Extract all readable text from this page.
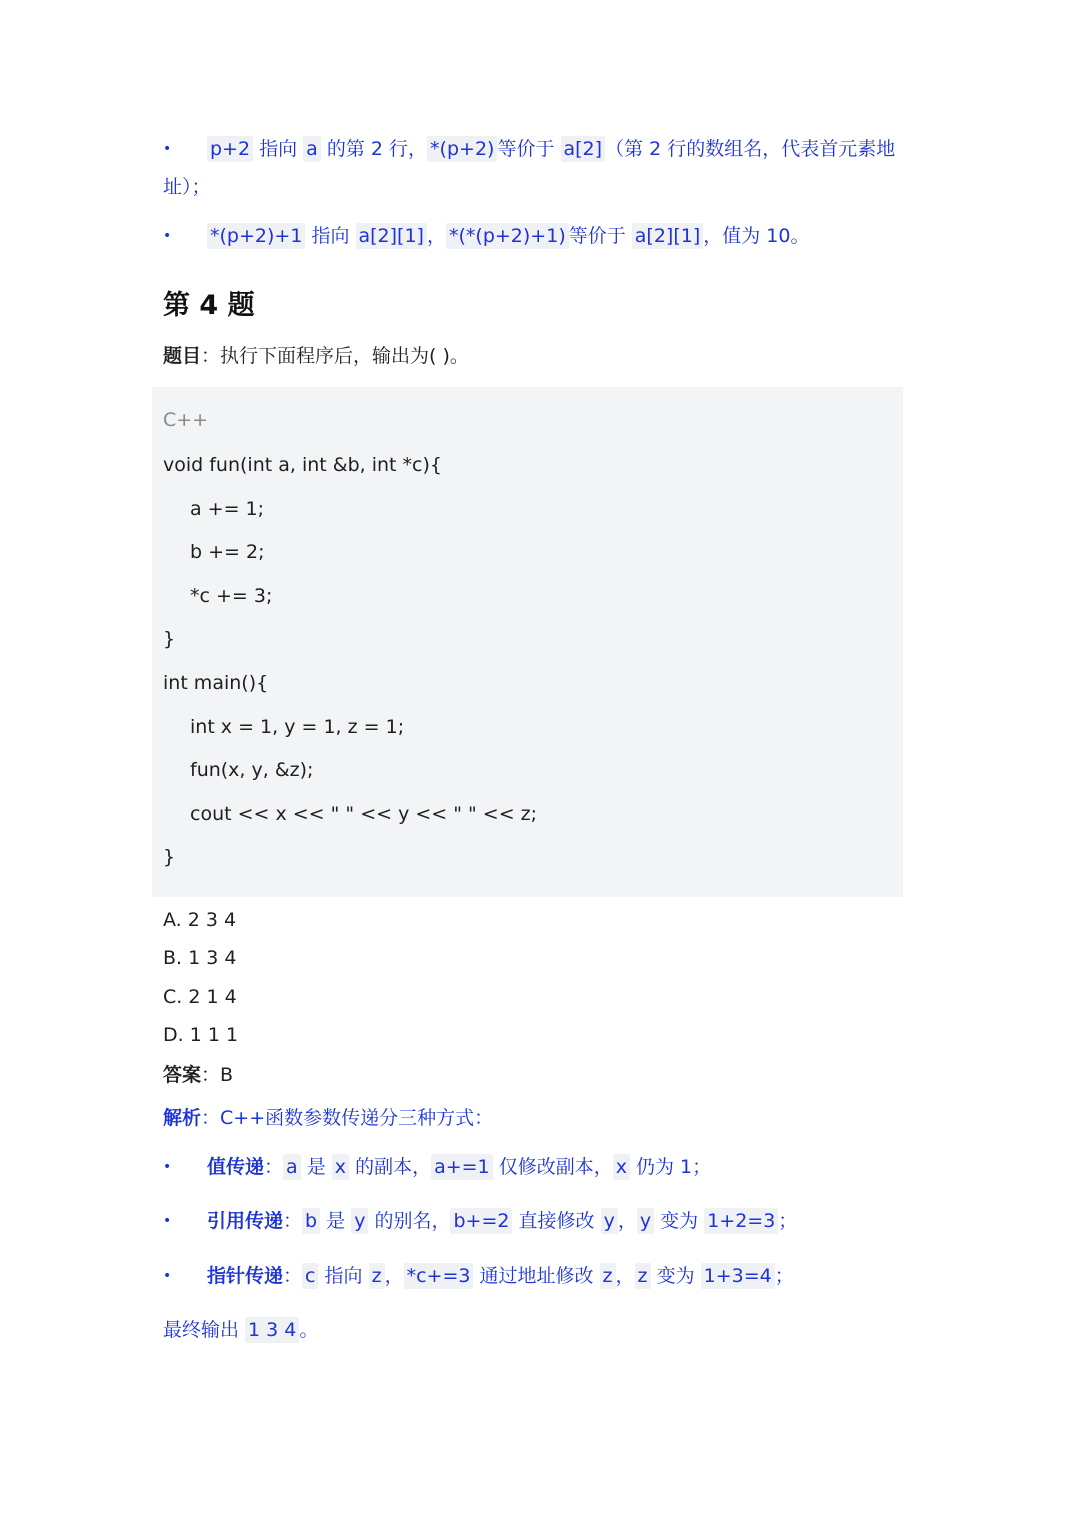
•	p+2 指向 a 的第 2 行， *(p+2) 等价于 a[2] （第 2 行的数组名，代表首元素地址）；
•	*(p+2)+1 指向 a[2][1] ， *(*(p+2)+1) 等价于 a[2][1] ，值为 10。
第 4 题
题目：执行下面程序后，输出为( )。
C++
void fun(int a, int &b, int *c){
a += 1;
b += 2;
*c += 3;
}
int main(){
int x = 1, y = 1, z = 1;
fun(x, y, &z);
cout << x << " " << y << " " << z;
}
A. 2 3 4
B. 1 3 4
C. 2 1 4
D. 1 1 1
答案：B
解析：C++函数参数传递分三种方式：
•	值传递： a 是 x 的副本， a+=1 仅修改副本， x 仍为 1；
•	引用传递： b 是 y 的别名， b+=2 直接修改 y ， y 变为 1+2=3 ；
•	指针传递： c 指向 z ， *c+=3 通过地址修改 z ， z 变为 1+3=4 ；
最终输出 1 3 4 。
